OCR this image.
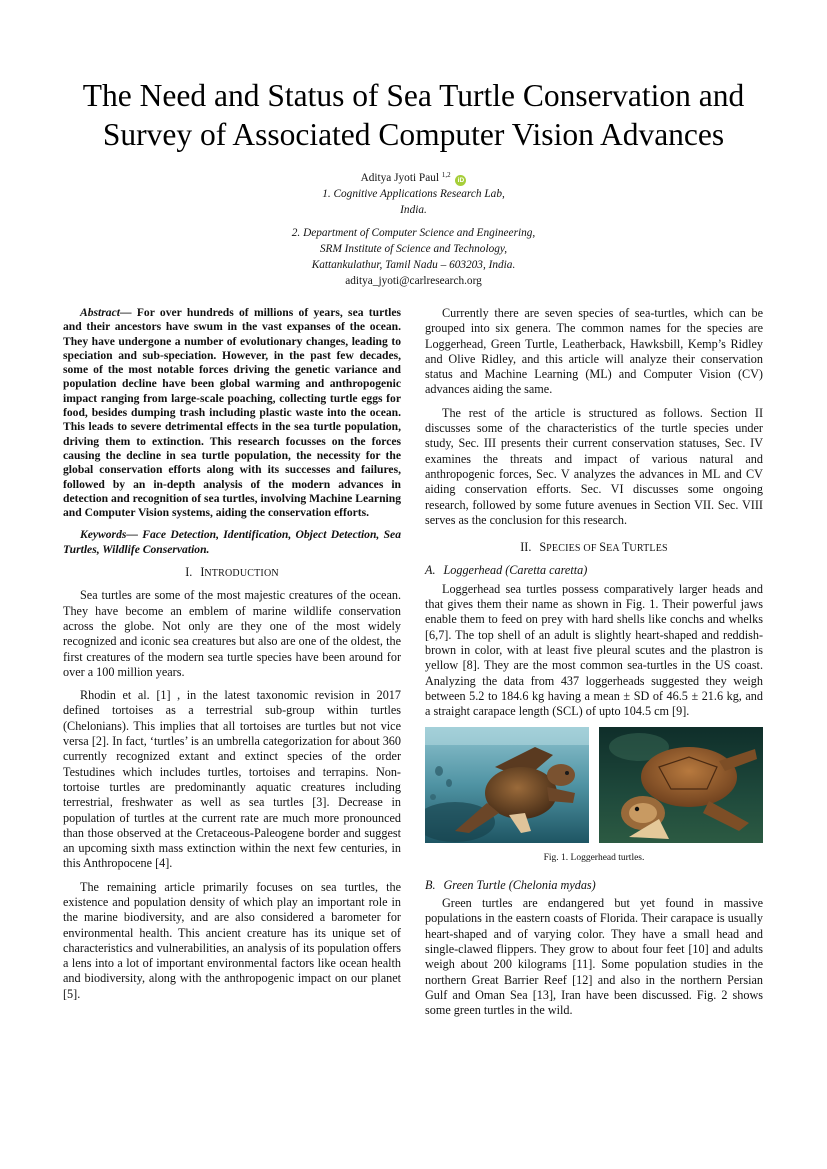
The Need and Status of Sea Turtle Conservation and
Survey of Associated Computer Vision Advances
Aditya Jyoti Paul $^{1,2}$ iD
1. Cognitive Applications Research Lab,
India.
2. Department of Computer Science and Engineering,
SRM Institute of Science and Technology,
Kattankulathur, Tamil Nadu – 603203, India.
aditya_jyoti@carlresearch.org

Abstract— For over hundreds of millions of years, sea turtles and their ancestors have swum in the vast expanses of the ocean. They have undergone a number of evolutionary changes, leading to speciation and sub-speciation. However, in the past few decades, some of the most notable forces driving the genetic variance and population decline have been global warming and anthropogenic impact ranging from large-scale poaching, collecting turtle eggs for food, besides dumping trash including plastic waste into the ocean. This leads to severe detrimental effects in the sea turtle population, driving them to extinction. This research focusses on the forces causing the decline in sea turtle population, the necessity for the global conservation efforts along with its successes and failures, followed by an in-depth analysis of the modern advances in detection and recognition of sea turtles, involving Machine Learning and Computer Vision systems, aiding the conservation efforts.

Keywords— Face Detection, Identification, Object Detection, Sea Turtles, Wildlife Conservation.

I. INTRODUCTION

Sea turtles are some of the most majestic creatures of the ocean. They have become an emblem of marine wildlife conservation across the globe. Not only are they one of the most widely recognized and iconic sea creatures but also are one of the oldest, the first creatures of the modern sea turtle species have been around for over a 100 million years.

Rhodin et al. [1] , in the latest taxonomic revision in 2017 defined tortoises as a terrestrial sub-group within turtles (Chelonians). This implies that all tortoises are turtles but not vice versa [2]. In fact, ‘turtles’ is an umbrella categorization for about 360 currently recognized extant and extinct species of the order Testudines which includes turtles, tortoises and terrapins. Non-tortoise turtles are predominantly aquatic creatures including terrestrial, freshwater as well as sea turtles [3]. Decrease in population of turtles at the current rate are much more pronounced than those observed at the Cretaceous-Paleogene border and suggest an upcoming sixth mass extinction within the next few centuries, in this Anthropocene [4].

The remaining article primarily focuses on sea turtles, the existence and population density of which play an important role in the marine biodiversity, and are also considered a barometer for environmental health. This ancient creature has its unique set of characteristics and vulnerabilities, an analysis of its population offers a lens into a lot of important environmental factors like ocean health and biodiversity, along with the anthropogenic impact on our planet [5].

Currently there are seven species of sea-turtles, which can be grouped into six genera. The common names for the species are Loggerhead, Green Turtle, Leatherback, Hawksbill, Kemp’s Ridley and Olive Ridley, and this article will analyze their conservation status and Machine Learning (ML) and Computer Vision (CV) advances aiding the same.

The rest of the article is structured as follows. Section II discusses some of the characteristics of the turtle species under study, Sec. III presents their current conservation statuses, Sec. IV examines the threats and impact of various natural and anthropogenic forces, Sec. V analyzes the advances in ML and CV aiding conservation efforts. Sec. VI discusses some ongoing research, followed by some future avenues in Section VII. Sec. VIII serves as the conclusion for this research.

II. SPECIES OF SEA TURTLES
A. Loggerhead (Caretta caretta)

Loggerhead sea turtles possess comparatively larger heads and that gives them their name as shown in Fig. 1. Their powerful jaws enable them to feed on prey with hard shells like conchs and whelks [6,7]. The top shell of an adult is slightly heart-shaped and reddish-brown in color, with at least five pleural scutes and the plastron is yellow [8]. They are the most common sea-turtles in the US coast. Analyzing the data from 437 loggerheads suggested they weigh between 5.2 to 184.6 kg having a mean ± SD of 46.5 ± 21.6 kg, and a straight carapace length (SCL) of upto 104.5 cm [9].

Fig. 1. Loggerhead turtles.
B. Green Turtle (Chelonia mydas)

Green turtles are endangered but yet found in massive populations in the eastern coasts of Florida. Their carapace is usually heart-shaped and of varying color. They have a small head and single-clawed flippers. They grow to about four feet [10] and adults weigh about 200 kilograms [11]. Some population studies in the northern Great Barrier Reef [12] and also in the northern Persian Gulf and Oman Sea [13], Iran have been discussed. Fig. 2 shows some green turtles in the wild.
